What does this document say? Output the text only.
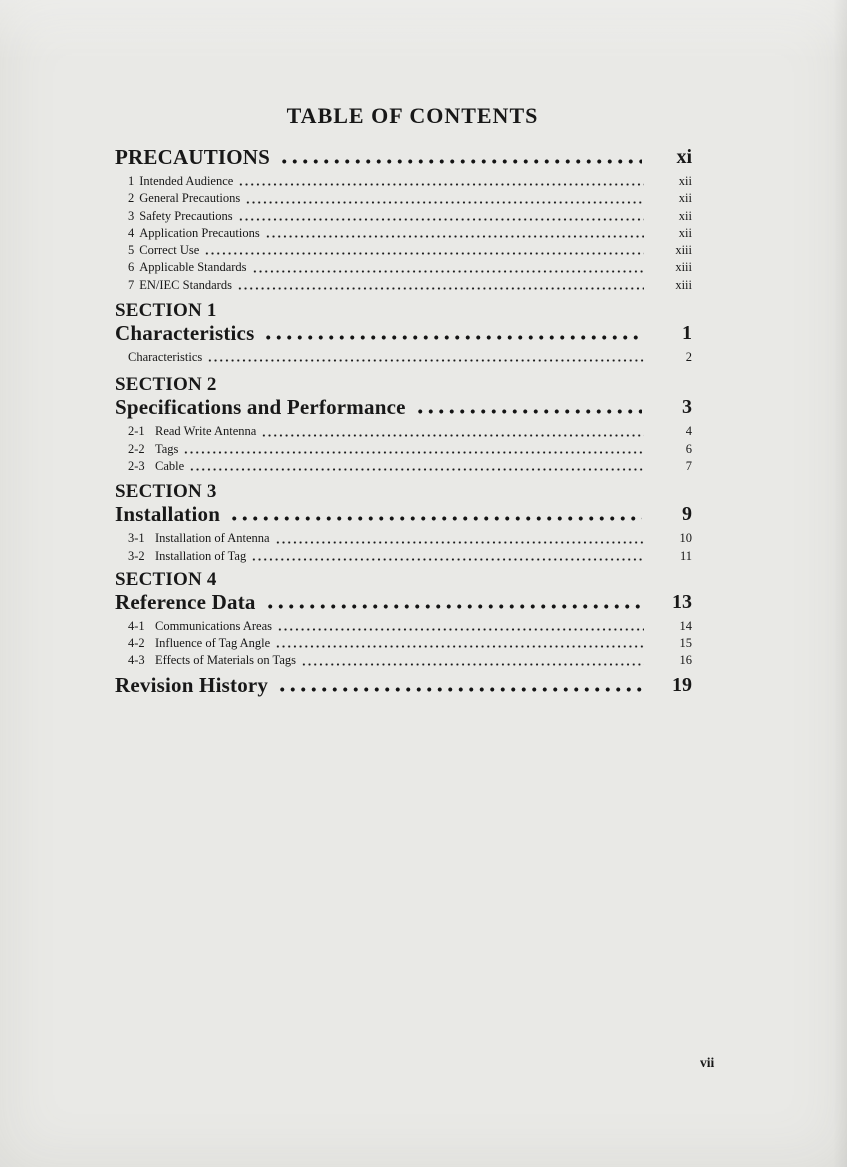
TABLE OF CONTENTS
PRECAUTIONS	xi
1 Intended Audience	xii
2 General Precautions	xii
3 Safety Precautions	xii
4 Application Precautions	xii
5 Correct Use	xiii
6 Applicable Standards	xiii
7 EN/IEC Standards	xiii
SECTION 1
Characteristics	1
Characteristics	2
SECTION 2
Specifications and Performance	3
2-1 Read Write Antenna	4
2-2 Tags	6
2-3 Cable	7
SECTION 3
Installation	9
3-1 Installation of Antenna	10
3-2 Installation of Tag	11
SECTION 4
Reference Data	13
4-1 Communications Areas	14
4-2 Influence of Tag Angle	15
4-3 Effects of Materials on Tags	16
Revision History	19
vii
